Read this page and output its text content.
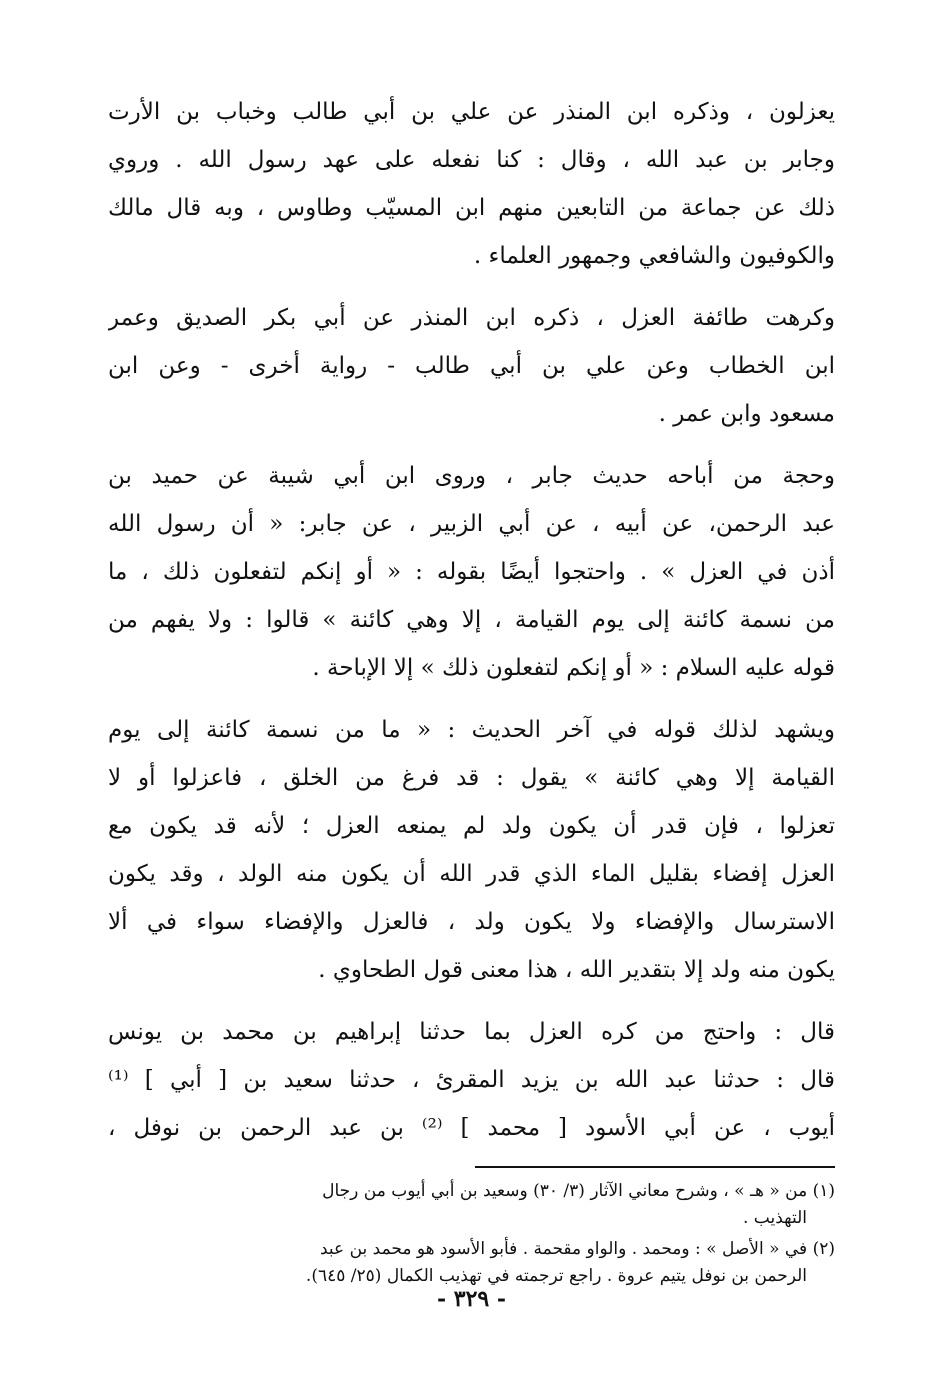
يعزلون ، وذكره ابن المنذر عن علي بن أبي طالب وخباب بن الأرت
وجابر بن عبد الله ، وقال : كنا نفعله على عهد رسول الله . وروي
ذلك عن جماعة من التابعين منهم ابن المسيّب وطاوس ، وبه قال مالك
والكوفيون والشافعي وجمهور العلماء .

وكرهت طائفة العزل ، ذكره ابن المنذر عن أبي بكر الصديق وعمر
ابن الخطاب وعن علي بن أبي طالب - رواية أخرى - وعن ابن
مسعود وابن عمر .

وحجة من أباحه حديث جابر ، وروى ابن أبي شيبة عن حميد بن
عبد الرحمن، عن أبيه ، عن أبي الزبير ، عن جابر: « أن رسول الله
أذن في العزل » . واحتجوا أيضًا بقوله : « أو إنكم لتفعلون ذلك ، ما
من نسمة كائنة إلى يوم القيامة ، إلا وهي كائنة » قالوا : ولا يفهم من
قوله عليه السلام : « أو إنكم لتفعلون ذلك » إلا الإباحة .

ويشهد لذلك قوله في آخر الحديث : « ما من نسمة كائنة إلى يوم
القيامة إلا وهي كائنة » يقول : قد فرغ من الخلق ، فاعزلوا أو لا
تعزلوا ، فإن قدر أن يكون ولد لم يمنعه العزل ؛ لأنه قد يكون مع
العزل إفضاء بقليل الماء الذي قدر الله أن يكون منه الولد ، وقد يكون
الاسترسال والإفضاء ولا يكون ولد ، فالعزل والإفضاء سواء في ألا
يكون منه ولد إلا بتقدير الله ، هذا معنى قول الطحاوي .

قال : واحتج من كره العزل بما حدثنا إبراهيم بن محمد بن يونس
قال : حدثنا عبد الله بن يزيد المقرئ ، حدثنا سعيد بن [ أبي ] ⁽¹⁾
أيوب ، عن أبي الأسود [ محمد ] ⁽²⁾ بن عبد الرحمن بن نوفل ،

(١) من « هـ » ، وشرح معاني الآثار (٣/ ٣٠) وسعيد بن أبي أيوب من رجال
التهذيب .

(٢) في « الأصل » : ومحمد . والواو مقحمة . فأبو الأسود هو محمد بن عبد
الرحمن بن نوفل يتيم عروة . راجع ترجمته في تهذيب الكمال (٢٥/ ٦٤٥).

- ٣٢٩ -
